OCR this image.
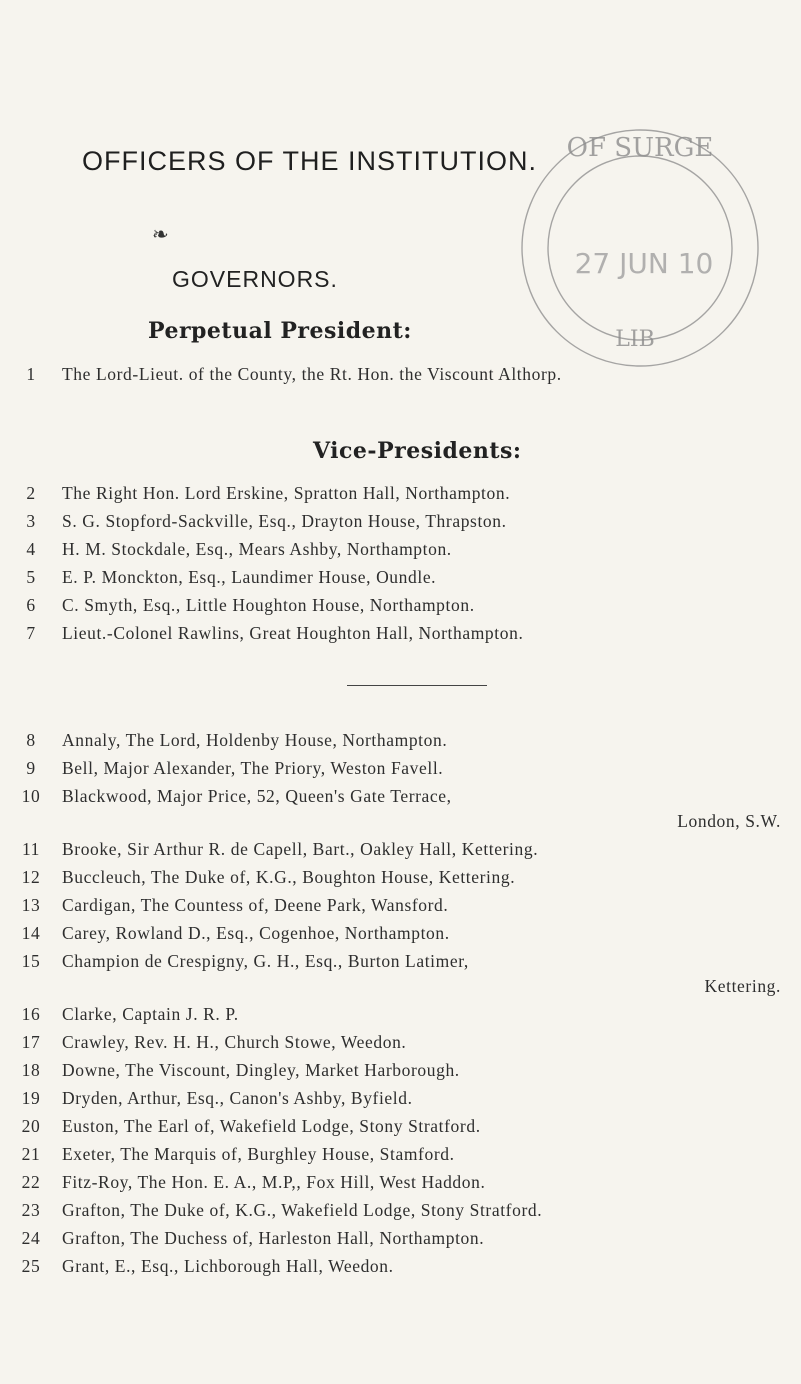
OF SURGE
27 JUN 10
LIB
OFFICERS OF THE INSTITUTION.
❧
GOVERNORS.
Perpetual President:
Vice-Presidents:
1	The Lord-Lieut. of the County, the Rt. Hon. the Viscount Althorp.
2	The Right Hon. Lord Erskine, Spratton Hall, Northampton.
3	S. G. Stopford-Sackville, Esq., Drayton House, Thrapston.
4	H. M. Stockdale, Esq., Mears Ashby, Northampton.
5	E. P. Monckton, Esq., Laundimer House, Oundle.
6	C. Smyth, Esq., Little Houghton House, Northampton.
7	Lieut.-Colonel Rawlins, Great Houghton Hall, Northampton.
8	Annaly, The Lord, Holdenby House, Northampton.
9	Bell, Major Alexander, The Priory, Weston Favell.
10 Blackwood, Major Price, 52, Queen's Gate Terrace,
London, S.W.
11 Brooke, Sir Arthur R. de Capell, Bart., Oakley Hall, Kettering.
12 Buccleuch, The Duke of, K.G., Boughton House, Kettering.
13 Cardigan, The Countess of, Deene Park, Wansford.
14 Carey, Rowland D., Esq., Cogenhoe, Northampton.
15 Champion de Crespigny, G. H., Esq., Burton Latimer,
Kettering.
16 Clarke, Captain J. R. P.
17 Crawley, Rev. H. H., Church Stowe, Weedon.
18 Downe, The Viscount, Dingley, Market Harborough.
19 Dryden, Arthur, Esq., Canon's Ashby, Byfield.
20 Euston, The Earl of, Wakefield Lodge, Stony Stratford.
21 Exeter, The Marquis of, Burghley House, Stamford.
22 Fitz-Roy, The Hon. E. A., M.P,, Fox Hill, West Haddon.
23 Grafton, The Duke of, K.G., Wakefield Lodge, Stony Stratford.
24 Grafton, The Duchess of, Harleston Hall, Northampton.
25 Grant, E., Esq., Lichborough Hall, Weedon.
